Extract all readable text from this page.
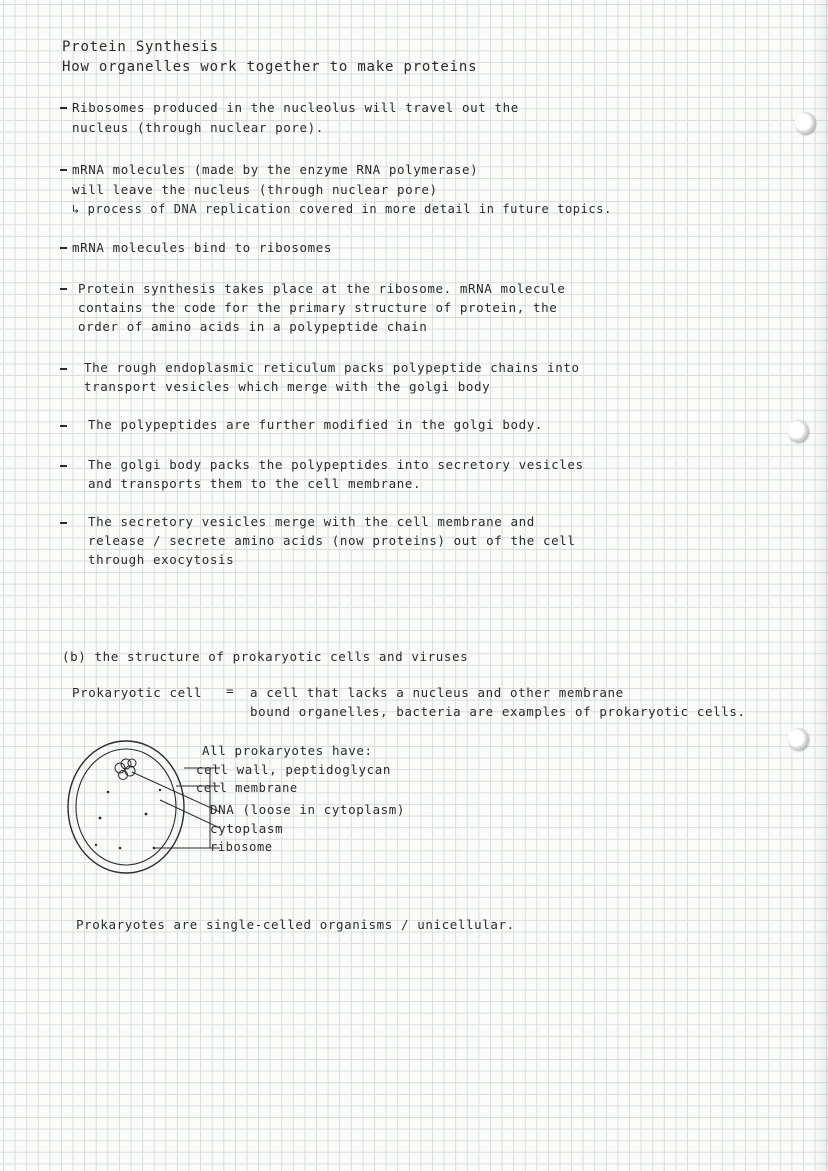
Protein Synthesis

How organelles work together to make proteins

Ribosomes produced in the nucleolus will travel out the

nucleus (through nuclear pore).

mRNA molecules (made by the enzyme RNA polymerase)

will leave the nucleus (through nuclear pore)

↳ process of DNA replication covered in more detail in future topics.

mRNA molecules bind to ribosomes

Protein synthesis takes place at the ribosome. mRNA molecule

contains the code for the primary structure of protein, the

order of amino acids in a polypeptide chain

The rough endoplasmic reticulum packs polypeptide chains into

transport vesicles which merge with the golgi body

The polypeptides are further modified in the golgi body.

The golgi body packs the polypeptides into secretory vesicles

and transports them to the cell membrane.

The secretory vesicles merge with the cell membrane and

release / secrete amino acids (now proteins) out of the cell

through exocytosis

(b) the structure of prokaryotic cells and viruses

Prokaryotic cell = a cell that lacks a nucleus and other membrane

bound organelles, bacteria are examples of prokaryotic cells.

All prokaryotes have:

cell wall, peptidoglycan

cell membrane

DNA (loose in cytoplasm)

cytoplasm

ribosome

Prokaryotes are single-celled organisms / unicellular.
